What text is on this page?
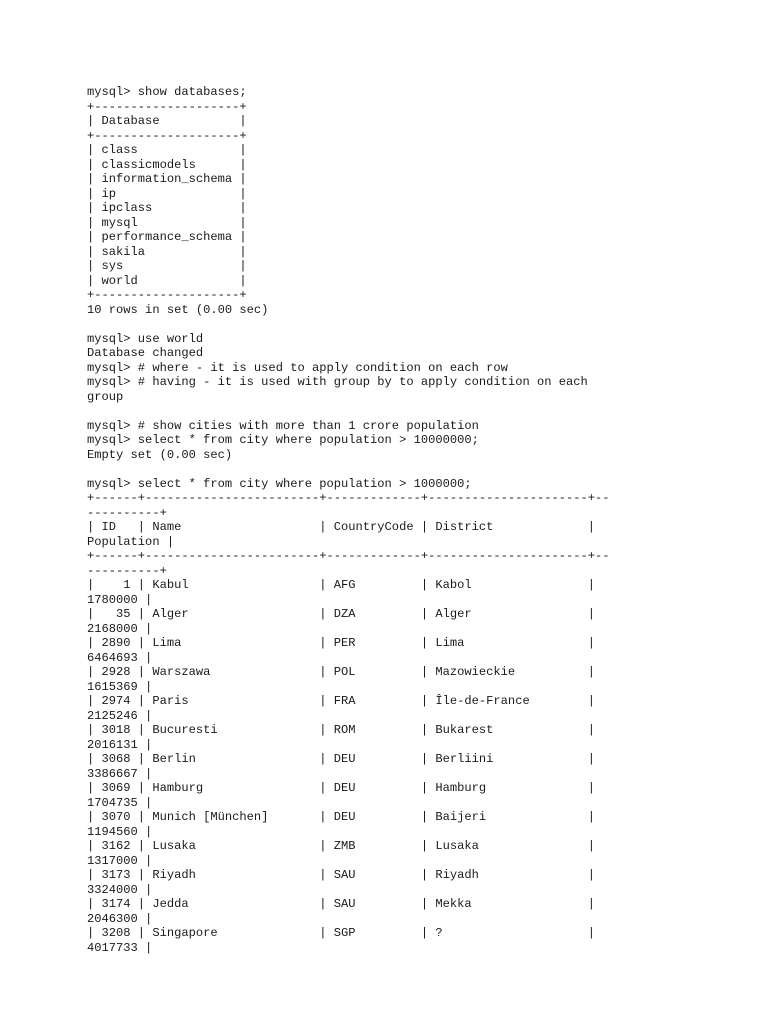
mysql> show databases;
+--------------------+
| Database           |
+--------------------+
| class              |
| classicmodels      |
| information_schema |
| ip                 |
| ipclass            |
| mysql              |
| performance_schema |
| sakila             |
| sys                |
| world              |
+--------------------+
10 rows in set (0.00 sec)
mysql> use world
Database changed
mysql> # where - it is used to apply condition on each row
mysql> # having - it is used with group by to apply condition on each
group
mysql> # show cities with more than 1 crore population
mysql> select * from city where population > 10000000;
Empty set (0.00 sec)
mysql> select * from city where population > 1000000;
+------+------------------------+-------------+----------------------+--
----------+
| ID   | Name                   | CountryCode | District             |
Population |
+------+------------------------+-------------+----------------------+--
----------+
|    1 | Kabul                  | AFG         | Kabol                |
1780000 |
|   35 | Alger                  | DZA         | Alger                |
2168000 |
| 2890 | Lima                   | PER         | Lima                 |
6464693 |
| 2928 | Warszawa               | POL         | Mazowieckie          |
1615369 |
| 2974 | Paris                  | FRA         | Île-de-France        |
2125246 |
| 3018 | Bucuresti              | ROM         | Bukarest             |
2016131 |
| 3068 | Berlin                 | DEU         | Berliini             |
3386667 |
| 3069 | Hamburg                | DEU         | Hamburg              |
1704735 |
| 3070 | Munich [München]       | DEU         | Baijeri              |
1194560 |
| 3162 | Lusaka                 | ZMB         | Lusaka               |
1317000 |
| 3173 | Riyadh                 | SAU         | Riyadh               |
3324000 |
| 3174 | Jedda                  | SAU         | Mekka                |
2046300 |
| 3208 | Singapore              | SGP         | ?                    |
4017733 |
